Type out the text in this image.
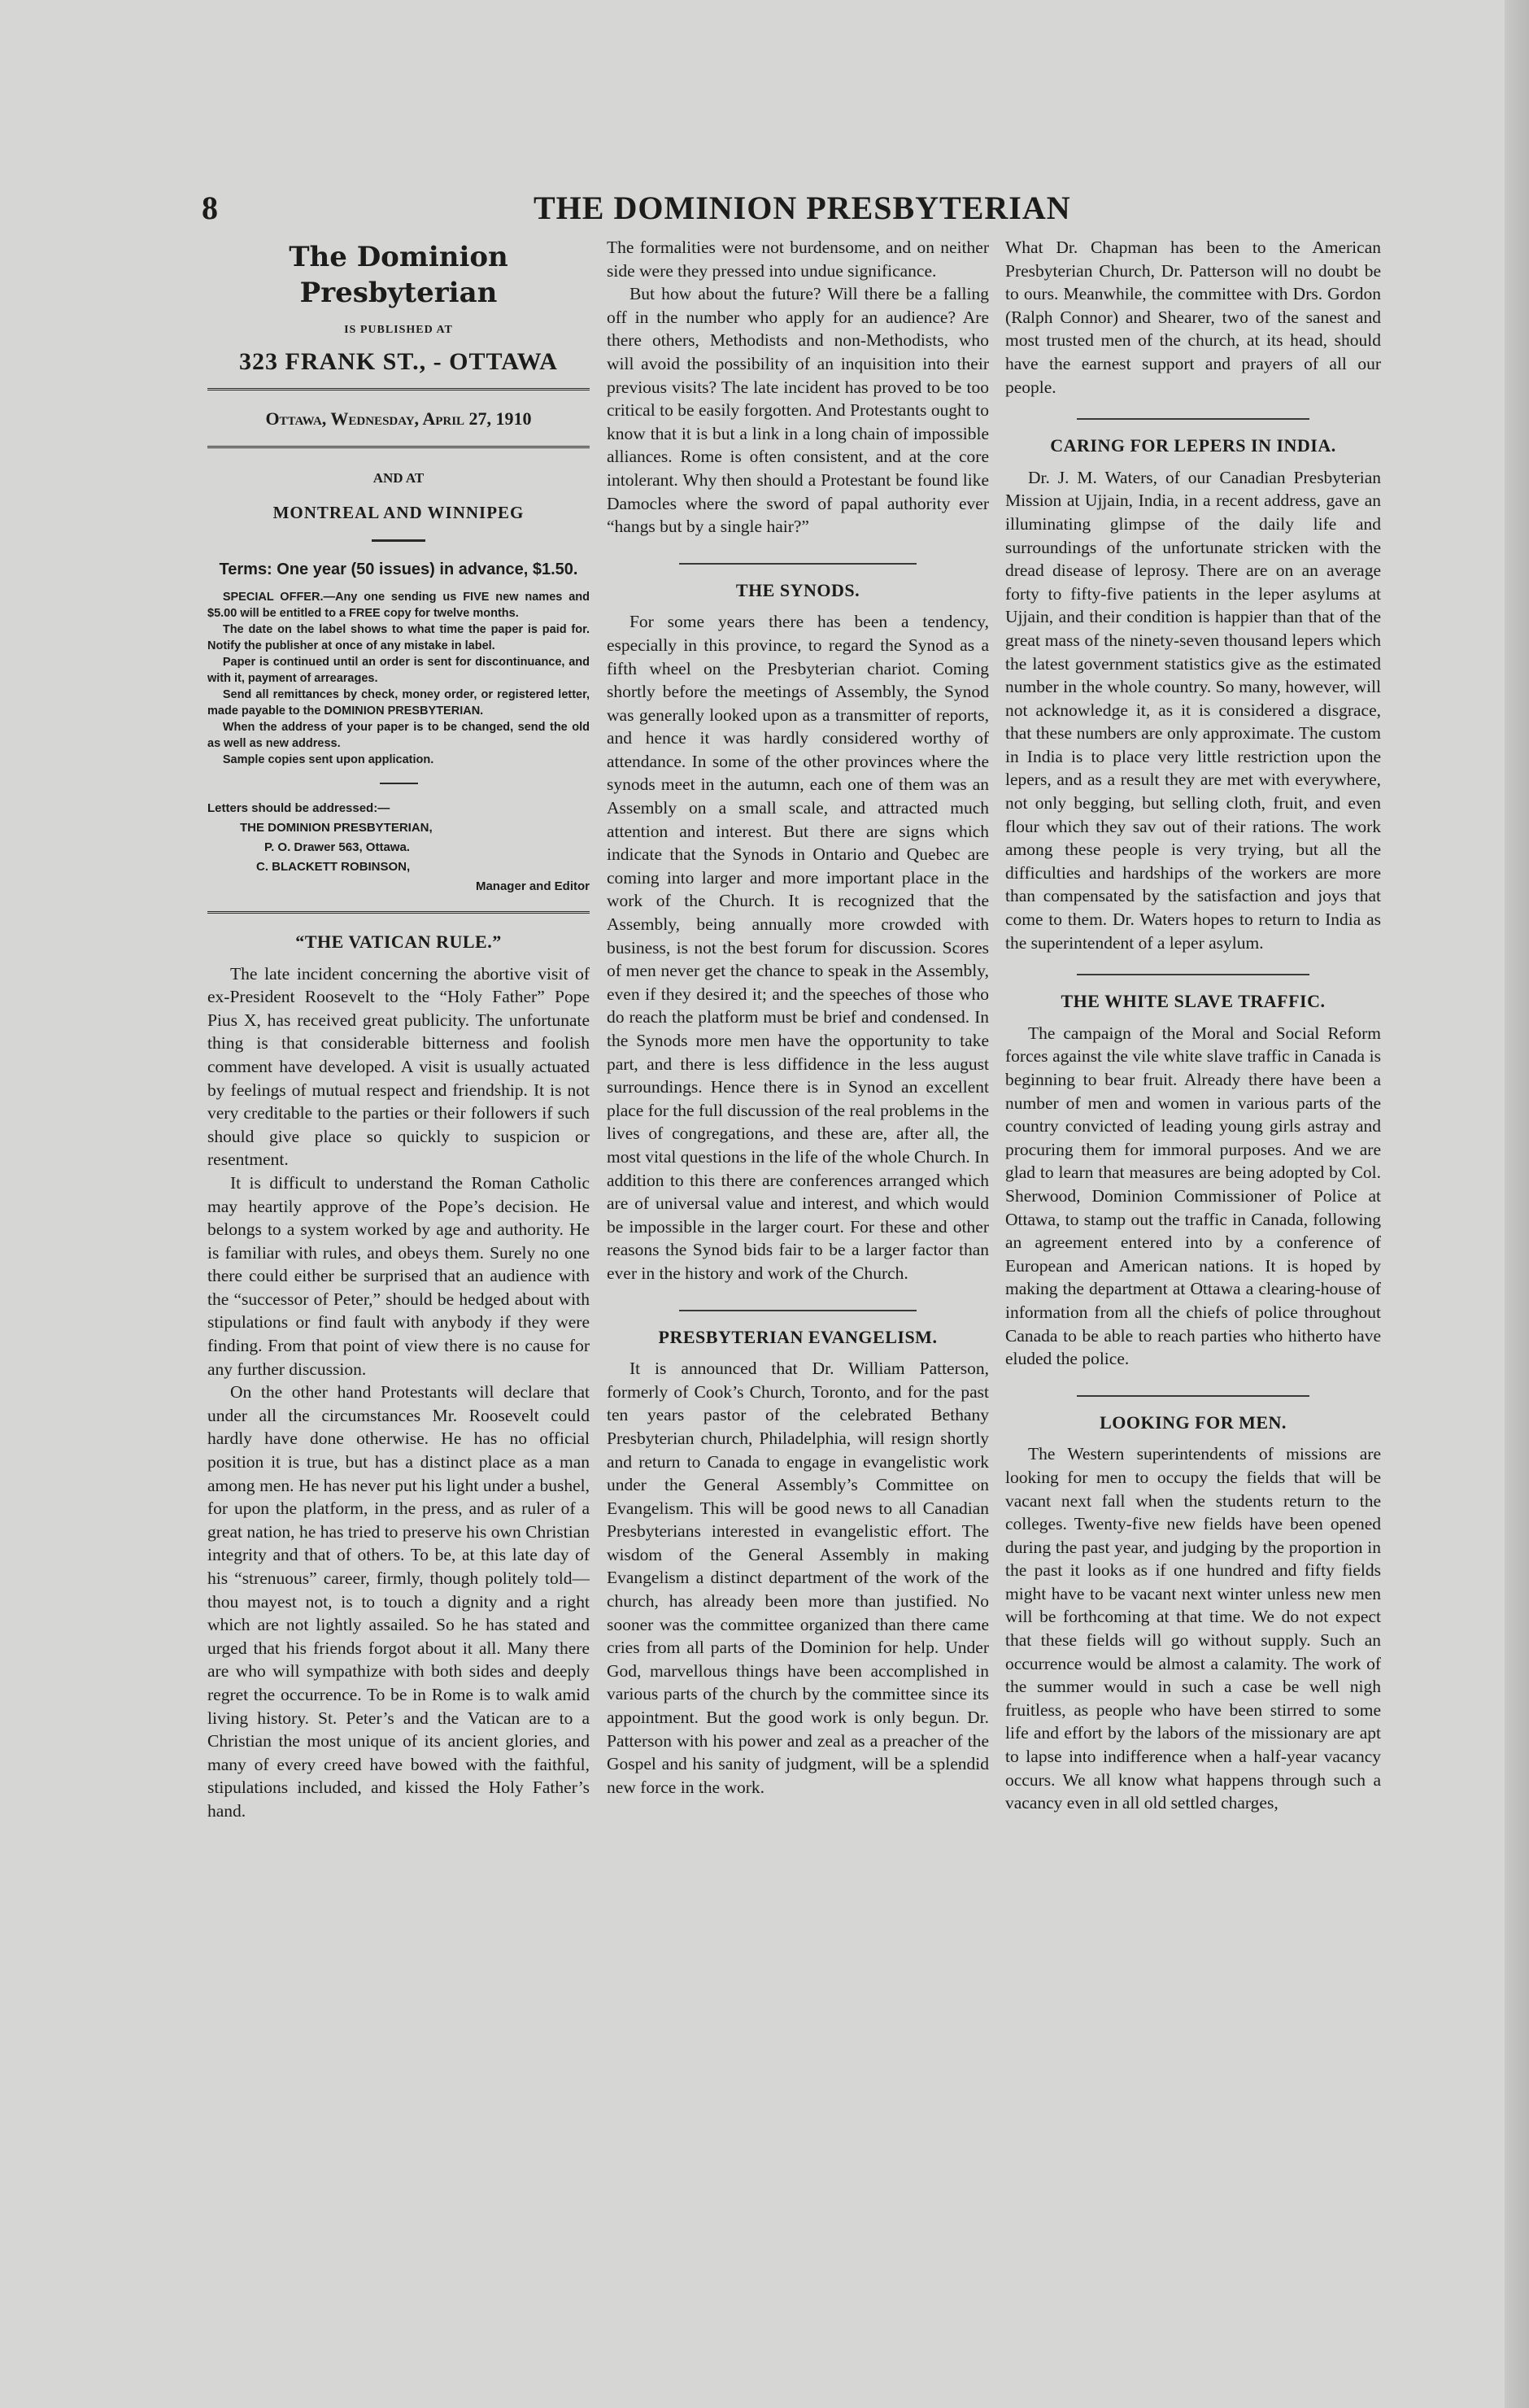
8	THE DOMINION PRESBYTERIAN
The Dominion Presbyterian
IS PUBLISHED AT
323 FRANK ST., - OTTAWA
Ottawa, Wednesday, April 27, 1910
AND AT
MONTREAL AND WINNIPEG
Terms: One year (50 issues) in advance, $1.50.

SPECIAL OFFER.—Any one sending us FIVE new names and $5.00 will be entitled to a FREE copy for twelve months.

The date on the label shows to what time the paper is paid for. Notify the publisher at once of any mistake in label.

Paper is continued until an order is sent for discontinuance, and with it, payment of arrearages.

Send all remittances by check, money order, or registered letter, made payable to the DOMINION PRESBYTERIAN.

When the address of your paper is to be changed, send the old as well as new address.

Sample copies sent upon application.

Letters should be addressed:—
THE DOMINION PRESBYTERIAN,
P. O. Drawer 563, Ottawa.
C. BLACKETT ROBINSON,
Manager and Editor
“THE VATICAN RULE.”

The late incident concerning the abortive visit of ex-President Roosevelt to the “Holy Father” Pope Pius X, has received great publicity. The unfortunate thing is that considerable bitterness and foolish comment have developed. A visit is usually actuated by feelings of mutual respect and friendship. It is not very creditable to the parties or their followers if such should give place so quickly to suspicion or resentment.

It is difficult to understand the Roman Catholic may heartily approve of the Pope’s decision. He belongs to a system worked by age and authority. He is familiar with rules, and obeys them. Surely no one there could either be surprised that an audience with the “successor of Peter,” should be hedged about with stipulations or find fault with anybody if they were finding. From that point of view there is no cause for any further discussion.

On the other hand Protestants will declare that under all the circumstances Mr. Roosevelt could hardly have done otherwise. He has no official position it is true, but has a distinct place as a man among men. He has never put his light under a bushel, for upon the platform, in the press, and as ruler of a great nation, he has tried to preserve his own Christian integrity and that of others. To be, at this late day of his “strenuous” career, firmly, though politely told—thou mayest not, is to touch a dignity and a right which are not lightly assailed. So he has stated and urged that his friends forgot about it all. Many there are who will sympathize with both sides and deeply regret the occurrence. To be in Rome is to walk amid living history. St. Peter’s and the Vatican are to a Christian the most unique of its ancient glories, and many of every creed have bowed with the faithful, stipulations included, and kissed the Holy Father’s hand.

The formalities were not burdensome, and on neither side were they pressed into undue significance.

But how about the future? Will there be a falling off in the number who apply for an audience? Are there others, Methodists and non-Methodists, who will avoid the possibility of an inquisition into their previous visits? The late incident has proved to be too critical to be easily forgotten. And Protestants ought to know that it is but a link in a long chain of impossible alliances. Rome is often consistent, and at the core intolerant. Why then should a Protestant be found like Damocles where the sword of papal authority ever “hangs but by a single hair?”

THE SYNODS.

For some years there has been a tendency, especially in this province, to regard the Synod as a fifth wheel on the Presbyterian chariot. Coming shortly before the meetings of Assembly, the Synod was generally looked upon as a transmitter of reports, and hence it was hardly considered worthy of attendance. In some of the other provinces where the synods meet in the autumn, each one of them was an Assembly on a small scale, and attracted much attention and interest. But there are signs which indicate that the Synods in Ontario and Quebec are coming into larger and more important place in the work of the Church. It is recognized that the Assembly, being annually more crowded with business, is not the best forum for discussion. Scores of men never get the chance to speak in the Assembly, even if they desired it; and the speeches of those who do reach the platform must be brief and condensed. In the Synods more men have the opportunity to take part, and there is less diffidence in the less august surroundings. Hence there is in Synod an excellent place for the full discussion of the real problems in the lives of congregations, and these are, after all, the most vital questions in the life of the whole Church. In addition to this there are conferences arranged which are of universal value and interest, and which would be impossible in the larger court. For these and other reasons the Synod bids fair to be a larger factor than ever in the history and work of the Church.

PRESBYTERIAN EVANGELISM.

It is announced that Dr. William Patterson, formerly of Cook’s Church, Toronto, and for the past ten years pastor of the celebrated Bethany Presbyterian church, Philadelphia, will resign shortly and return to Canada to engage in evangelistic work under the General Assembly’s Committee on Evangelism. This will be good news to all Canadian Presbyterians interested in evangelistic effort. The wisdom of the General Assembly in making Evangelism a distinct department of the work of the church, has already been more than justified. No sooner was the committee organized than there came cries from all parts of the Dominion for help. Under God, marvellous things have been accomplished in various parts of the church by the committee since its appointment. But the good work is only begun. Dr. Patterson with his power and zeal as a preacher of the Gospel and his sanity of judgment, will be a splendid new force in the work.

What Dr. Chapman has been to the American Presbyterian Church, Dr. Patterson will no doubt be to ours. Meanwhile, the committee with Drs. Gordon (Ralph Connor) and Shearer, two of the sanest and most trusted men of the church, at its head, should have the earnest support and prayers of all our people.

CARING FOR LEPERS IN INDIA.

Dr. J. M. Waters, of our Canadian Presbyterian Mission at Ujjain, India, in a recent address, gave an illuminating glimpse of the daily life and surroundings of the unfortunate stricken with the dread disease of leprosy. There are on an average forty to fifty-five patients in the leper asylums at Ujjain, and their condition is happier than that of the great mass of the ninety-seven thousand lepers which the latest government statistics give as the estimated number in the whole country. So many, however, will not acknowledge it, as it is considered a disgrace, that these numbers are only approximate. The custom in India is to place very little restriction upon the lepers, and as a result they are met with everywhere, not only begging, but selling cloth, fruit, and even flour which they sav out of their rations. The work among these people is very trying, but all the difficulties and hardships of the workers are more than compensated by the satisfaction and joys that come to them. Dr. Waters hopes to return to India as the superintendent of a leper asylum.

THE WHITE SLAVE TRAFFIC.

The campaign of the Moral and Social Reform forces against the vile white slave traffic in Canada is beginning to bear fruit. Already there have been a number of men and women in various parts of the country convicted of leading young girls astray and procuring them for immoral purposes. And we are glad to learn that measures are being adopted by Col. Sherwood, Dominion Commissioner of Police at Ottawa, to stamp out the traffic in Canada, following an agreement entered into by a conference of European and American nations. It is hoped by making the department at Ottawa a clearing-house of information from all the chiefs of police throughout Canada to be able to reach parties who hitherto have eluded the police.

LOOKING FOR MEN.

The Western superintendents of missions are looking for men to occupy the fields that will be vacant next fall when the students return to the colleges. Twenty-five new fields have been opened during the past year, and judging by the proportion in the past it looks as if one hundred and fifty fields might have to be vacant next winter unless new men will be forthcoming at that time. We do not expect that these fields will go without supply. Such an occurrence would be almost a calamity. The work of the summer would in such a case be well nigh fruitless, as people who have been stirred to some life and effort by the labors of the missionary are apt to lapse into indifference when a half-year vacancy occurs. We all know what happens through such a vacancy even in all old settled charges,
